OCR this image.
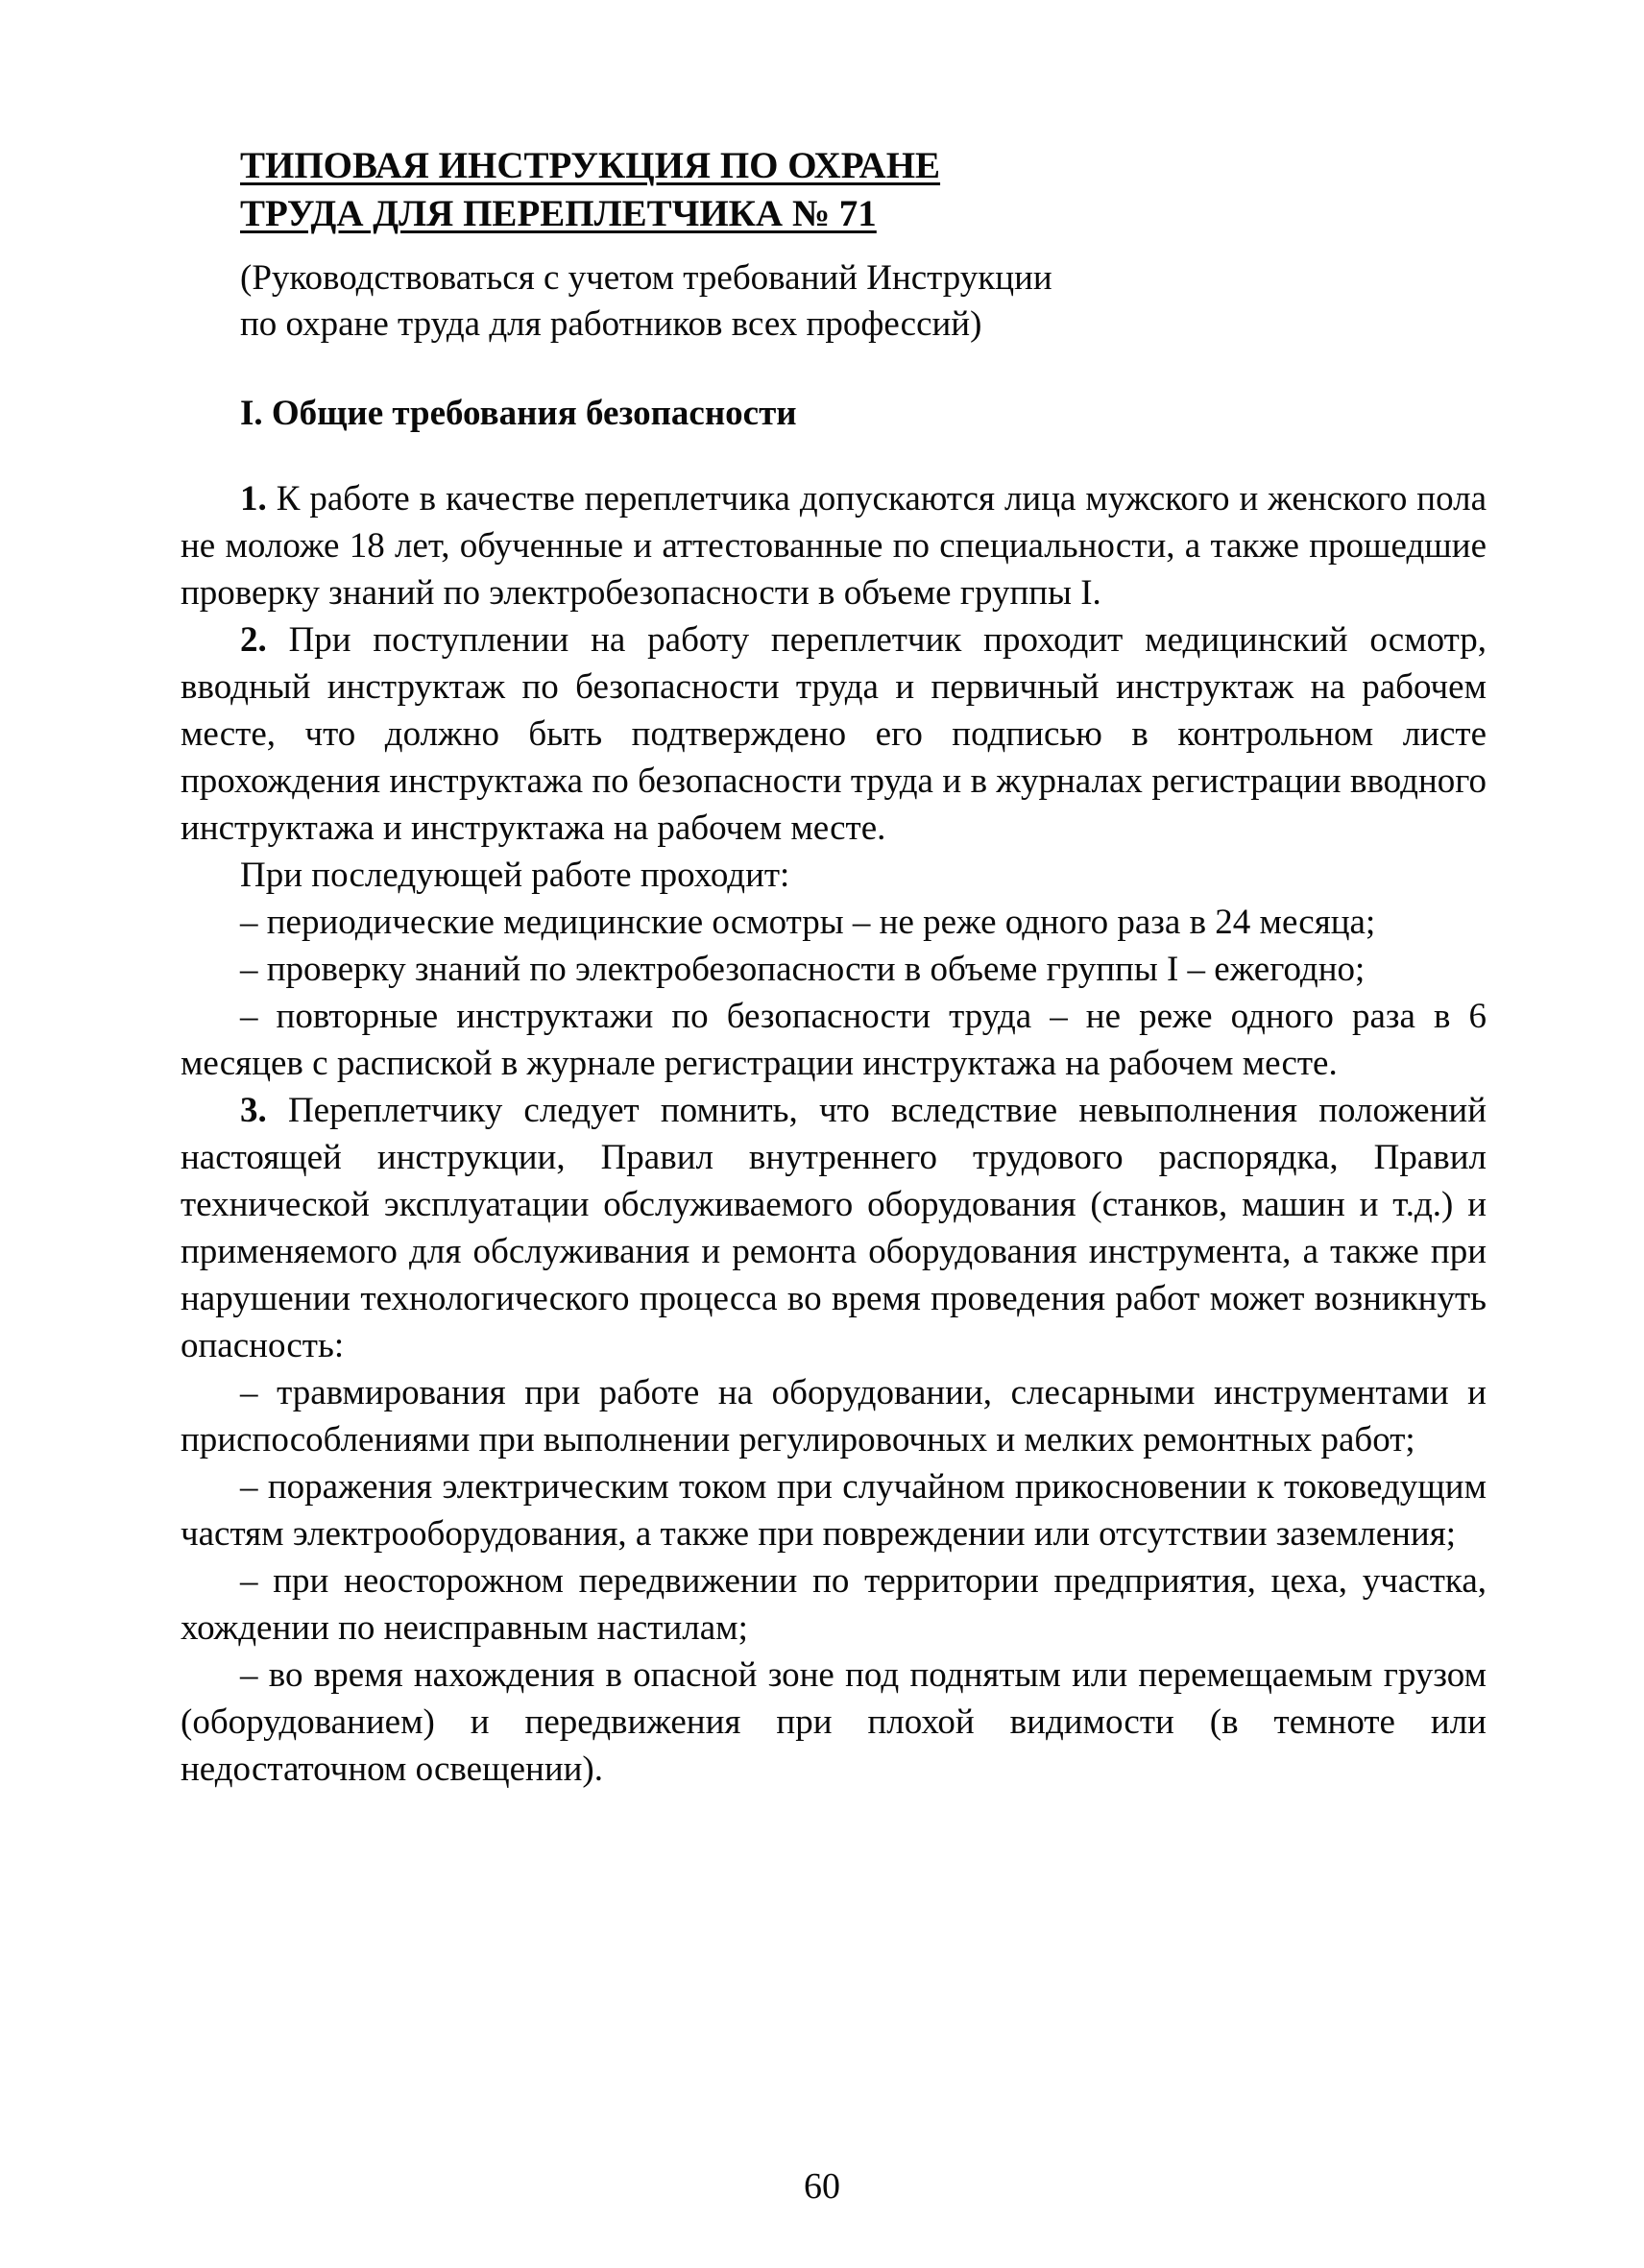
ТИПОВАЯ ИНСТРУКЦИЯ ПО ОХРАНЕ
ТРУДА ДЛЯ ПЕРЕПЛЕТЧИКА № 71
(Руководствоваться с учетом требований Инструкции
по охране труда для работников всех профессий)
I. Общие требования безопасности

1. К работе в качестве переплетчика допускаются лица мужского и женского пола не моложе 18 лет, обученные и аттестованные по специальности, а также прошедшие проверку знаний по электробезопасности в объеме группы I.

2. При поступлении на работу переплетчик проходит медицинский осмотр, вводный инструктаж по безопасности труда и первичный инструктаж на рабочем месте, что должно быть подтверждено его подписью в контрольном листе прохождения инструктажа по безопасности труда и в журналах регистрации вводного инструктажа и инструктажа на рабочем месте.

При последующей работе проходит:

– периодические медицинские осмотры – не реже одного раза в 24 месяца;

– проверку знаний по электробезопасности в объеме группы I – ежегодно;

– повторные инструктажи по безопасности труда – не реже одного раза в 6 месяцев с распиской в журнале регистрации инструктажа на рабочем месте.

3. Переплетчику следует помнить, что вследствие невыполнения положений настоящей инструкции, Правил внутреннего трудового распорядка, Правил технической эксплуатации обслуживаемого оборудования (станков, машин и т.д.) и применяемого для обслуживания и ремонта оборудования инструмента, а также при нарушении технологического процесса во время проведения работ может возникнуть опасность:

– травмирования при работе на оборудовании, слесарными инструментами и приспособлениями при выполнении регулировочных и мелких ремонтных работ;

– поражения электрическим током при случайном прикосновении к токоведущим частям электрооборудования, а также при повреждении или отсутствии заземления;

– при неосторожном передвижении по территории предприятия, цеха, участка, хождении по неисправным настилам;

– во время нахождения в опасной зоне под поднятым или перемещаемым грузом (оборудованием) и передвижения при плохой видимости (в темноте или недостаточном освещении).

60
